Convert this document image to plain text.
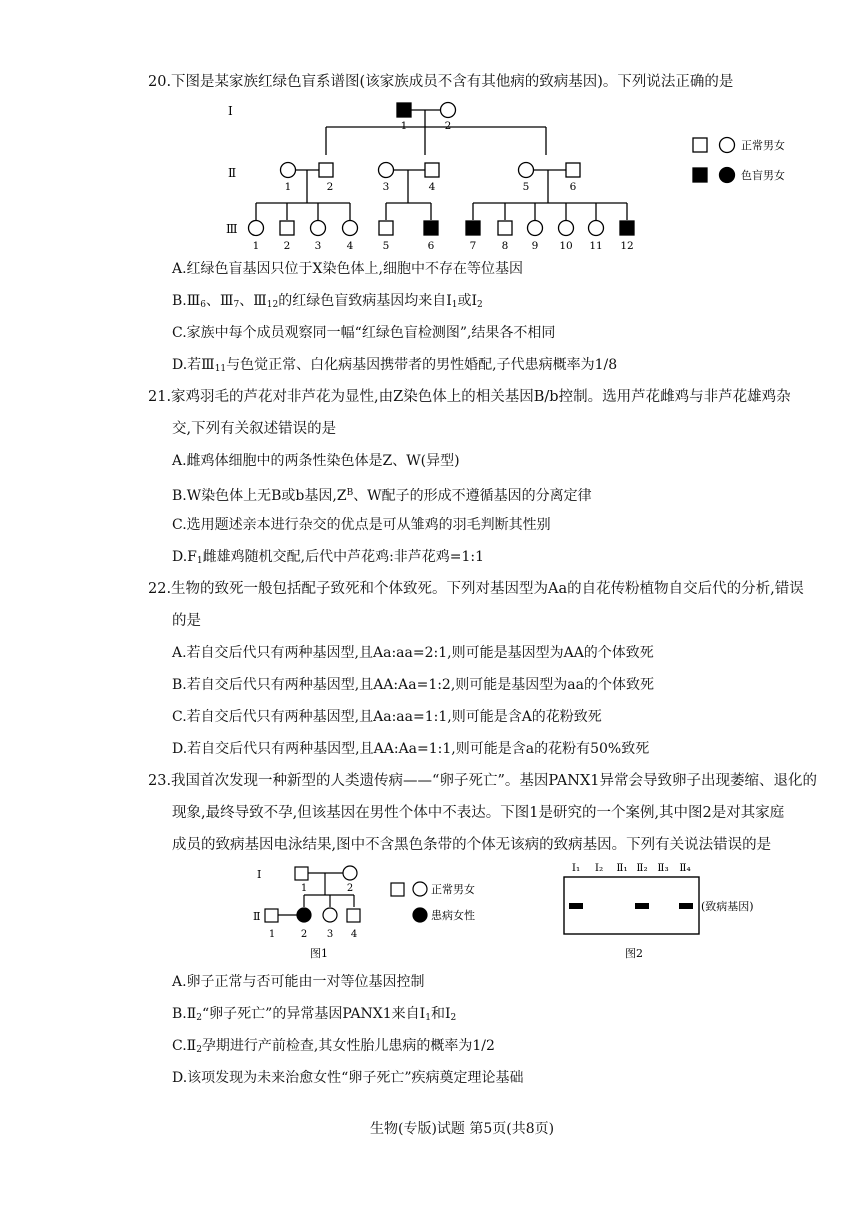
20.下图是某家族红绿色盲系谱图(该家族成员不含有其他病的致病基因)。下列说法正确的是
Ⅰ
Ⅱ
Ⅲ
1	2
1	2	3	4	5	6
1 2 3 4	5	6	7 8 9 10 11 12
正常男女
色盲男女
A.红绿色盲基因只位于X染色体上,细胞中不存在等位基因
$B.Ⅲ_6$、$Ⅲ_7$、$Ⅲ_{12}$的红绿色盲致病基因均来自$Ⅰ_1$或$Ⅰ_2$
C.家族中每个成员观察同一幅“红绿色盲检测图”,结果各不相同
D.若$Ⅲ_{11}$与色觉正常、白化病基因携带者的男性婚配,子代患病概率为1/8
21.家鸡羽毛的芦花对非芦花为显性,由Z染色体上的相关基因B/b控制。选用芦花雌鸡与非芦花雄鸡杂
交,下列有关叙述错误的是
A.雌鸡体细胞中的两条性染色体是Z、W(异型)
B.W染色体上无B或b基因$,Z^B$、W配子的形成不遵循基因的分离定律
C.选用题述亲本进行杂交的优点是可从雏鸡的羽毛判断其性别
$D.F_1$雌雄鸡随机交配,后代中芦花鸡:非芦花鸡=1:1
22.生物的致死一般包括配子致死和个体致死。下列对基因型为Aa的自花传粉植物自交后代的分析,错误
的是
A.若自交后代只有两种基因型,且Aa:aa=2:1,则可能是基因型为AA的个体致死
B.若自交后代只有两种基因型,且AA:Aa=1:2,则可能是基因型为aa的个体致死
C.若自交后代只有两种基因型,且Aa:aa=1:1,则可能是含A的花粉致死
D.若自交后代只有两种基因型,且AA:Aa=1:1,则可能是含a的花粉有50%致死
23.我国首次发现一种新型的人类遗传病——“卵子死亡”。基因PANX1异常会导致卵子出现萎缩、退化的
现象,最终导致不孕,但该基因在男性个体中不表达。下图1是研究的一个案例,其中图2是对其家庭
成员的致病基因电泳结果,图中不含黑色条带的个体无该病的致病基因。下列有关说法错误的是
Ⅰ
Ⅱ
1	2
1	2 3 4
图1
正常男女
患病女性
Ⅰ₁ Ⅰ₂ Ⅱ₁ Ⅱ₂ Ⅱ₃ Ⅱ₄
(致病基因)
图2
A.卵子正常与否可能由一对等位基因控制
$B.Ⅱ_2“$卵子死亡”的异常基因PANX1来自$Ⅰ_1$和$Ⅰ_2$
$C.Ⅱ_2$孕期进行产前检查,其女性胎儿患病的概率为1/2
D.该项发现为未来治愈女性“卵子死亡”疾病奠定理论基础
生物(专版)试题 第5页(共8页)
